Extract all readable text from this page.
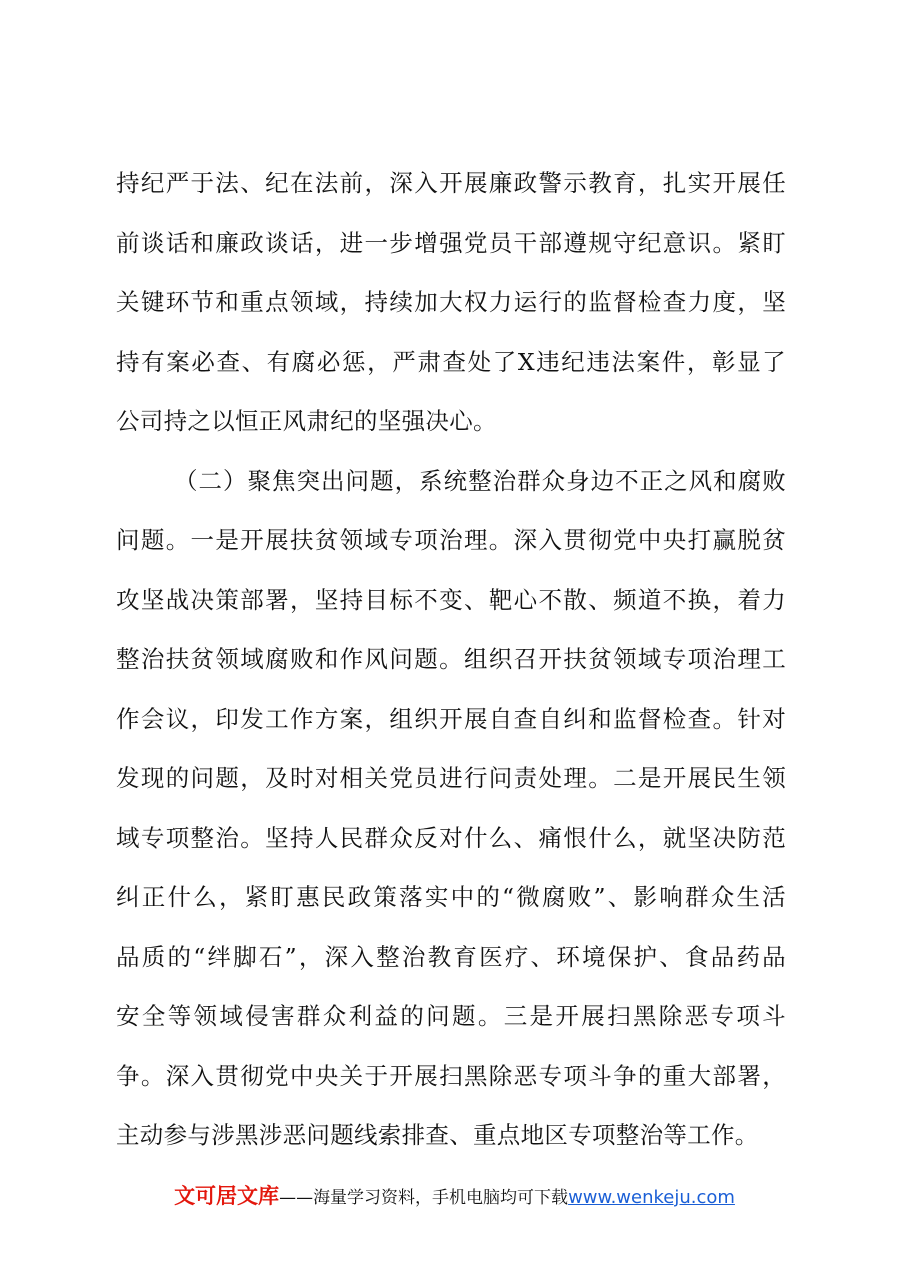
持纪严于法、纪在法前，深入开展廉政警示教育，扎实开展任
前谈话和廉政谈话，进一步增强党员干部遵规守纪意识。紧盯
关键环节和重点领域，持续加大权力运行的监督检查力度，坚
持有案必查、有腐必惩，严肃查处了X违纪违法案件，彰显了
公司持之以恒正风肃纪的坚强决心。
（二）聚焦突出问题，系统整治群众身边不正之风和腐败
问题。一是开展扶贫领域专项治理。深入贯彻党中央打赢脱贫
攻坚战决策部署，坚持目标不变、靶心不散、频道不换，着力
整治扶贫领域腐败和作风问题。组织召开扶贫领域专项治理工
作会议，印发工作方案，组织开展自查自纠和监督检查。针对
发现的问题，及时对相关党员进行问责处理。二是开展民生领
域专项整治。坚持人民群众反对什么、痛恨什么，就坚决防范
纠正什么，紧盯惠民政策落实中的“微腐败”、影响群众生活
品质的“绊脚石”，深入整治教育医疗、环境保护、食品药品
安全等领域侵害群众利益的问题。三是开展扫黑除恶专项斗
争。深入贯彻党中央关于开展扫黑除恶专项斗争的重大部署，
主动参与涉黑涉恶问题线索排查、重点地区专项整治等工作。
文可居文库——海量学习资料，手机电脑均可下载www.wenkeju.com
